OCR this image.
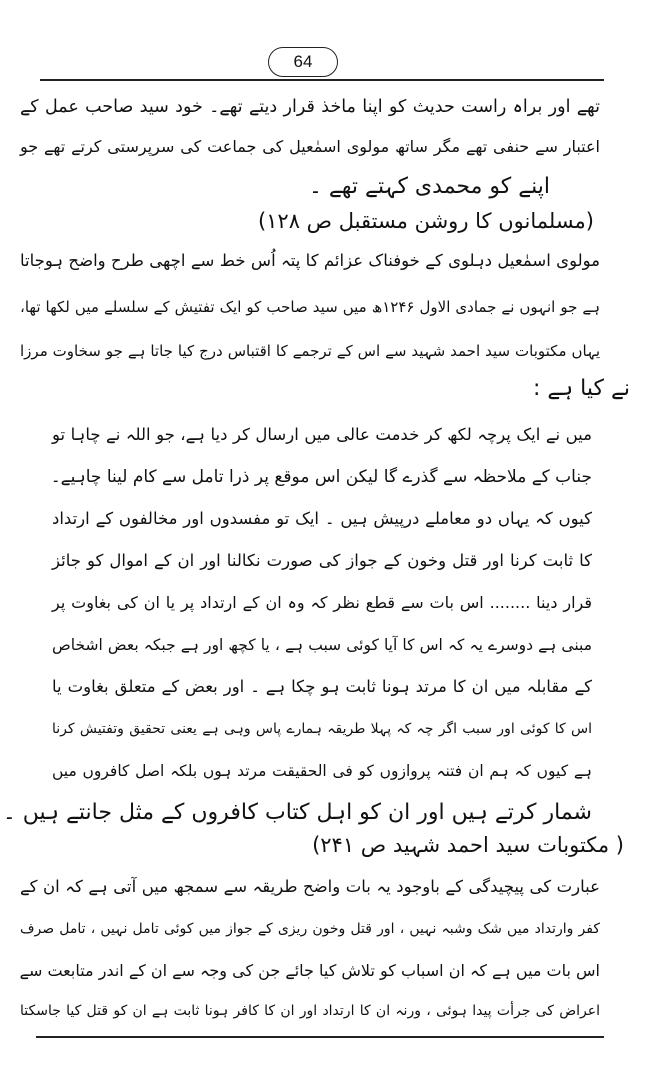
64
تھے اور براہ راست حدیث کو اپنا ماخذ قرار دیتے تھے۔ خود سید صاحب عمل کے
اعتبار سے حنفی تھے مگر ساتھ مولوی اسمٰعیل کی جماعت کی سرپرستی کرتے تھے جو
اپنے کو محمدی کہتے تھے ۔
(مسلمانوں کا روشن مستقبل ص ۱۲۸)
مولوی اسمٰعیل دہلوی کے خوفناک عزائم کا پتہ اُس خط سے اچھی طرح واضح ہوجاتا
ہے جو انہوں نے جمادی الاول ۱۲۴۶ھ میں سید صاحب کو ایک تفتیش کے سلسلے میں لکھا تھا،
یہاں مکتوبات سید احمد شہید سے اس کے ترجمے کا اقتباس درج کیا جاتا ہے جو سخاوت مرزا
نے کیا ہے :
میں نے ایک پرچہ لکھ کر خدمت عالی میں ارسال کر دیا ہے، جو اللہ نے چاہا تو
جناب کے ملاحظہ سے گذرے گا لیکن اس موقع پر ذرا تامل سے کام لینا چاہیے۔
کیوں کہ یہاں دو معاملے درپیش ہیں ۔ ایک تو مفسدوں اور مخالفوں کے ارتداد
کا ثابت کرنا اور قتل وخون کے جواز کی صورت نکالنا اور ان کے اموال کو جائز
قرار دینا ........ اس بات سے قطع نظر کہ وہ ان کے ارتداد پر یا ان کی بغاوت پر
مبنی ہے دوسرے یہ کہ اس کا آیا کوئی سبب ہے ، یا کچھ اور ہے جبکہ بعض اشخاص
کے مقابلہ میں ان کا مرتد ہونا ثابت ہو چکا ہے ۔ اور بعض کے متعلق بغاوت یا
اس کا کوئی اور سبب اگر چہ کہ پہلا طریقہ ہمارے پاس وہی ہے یعنی تحقیق وتفتیش کرنا
ہے کیوں کہ ہم ان فتنہ پروازوں کو فی الحقیقت مرتد ہوں بلکہ اصل کافروں میں
شمار کرتے ہیں اور ان کو اہل کتاب کافروں کے مثل جانتے ہیں ۔
( مکتوبات سید احمد شہید ص ۲۴۱)
عبارت کی پیچیدگی کے باوجود یہ بات واضح طریقہ سے سمجھ میں آتی ہے کہ ان کے
کفر وارتداد میں شک وشبہ نہیں ، اور قتل وخون ریزی کے جواز میں کوئی تامل نہیں ، تامل صرف
اس بات میں ہے کہ ان اسباب کو تلاش کیا جائے جن کی وجہ سے ان کے اندر متابعت سے
اعراض کی جرأت پیدا ہوئی ، ورنہ ان کا ارتداد اور ان کا کافر ہونا ثابت ہے ان کو قتل کیا جاسکتا
